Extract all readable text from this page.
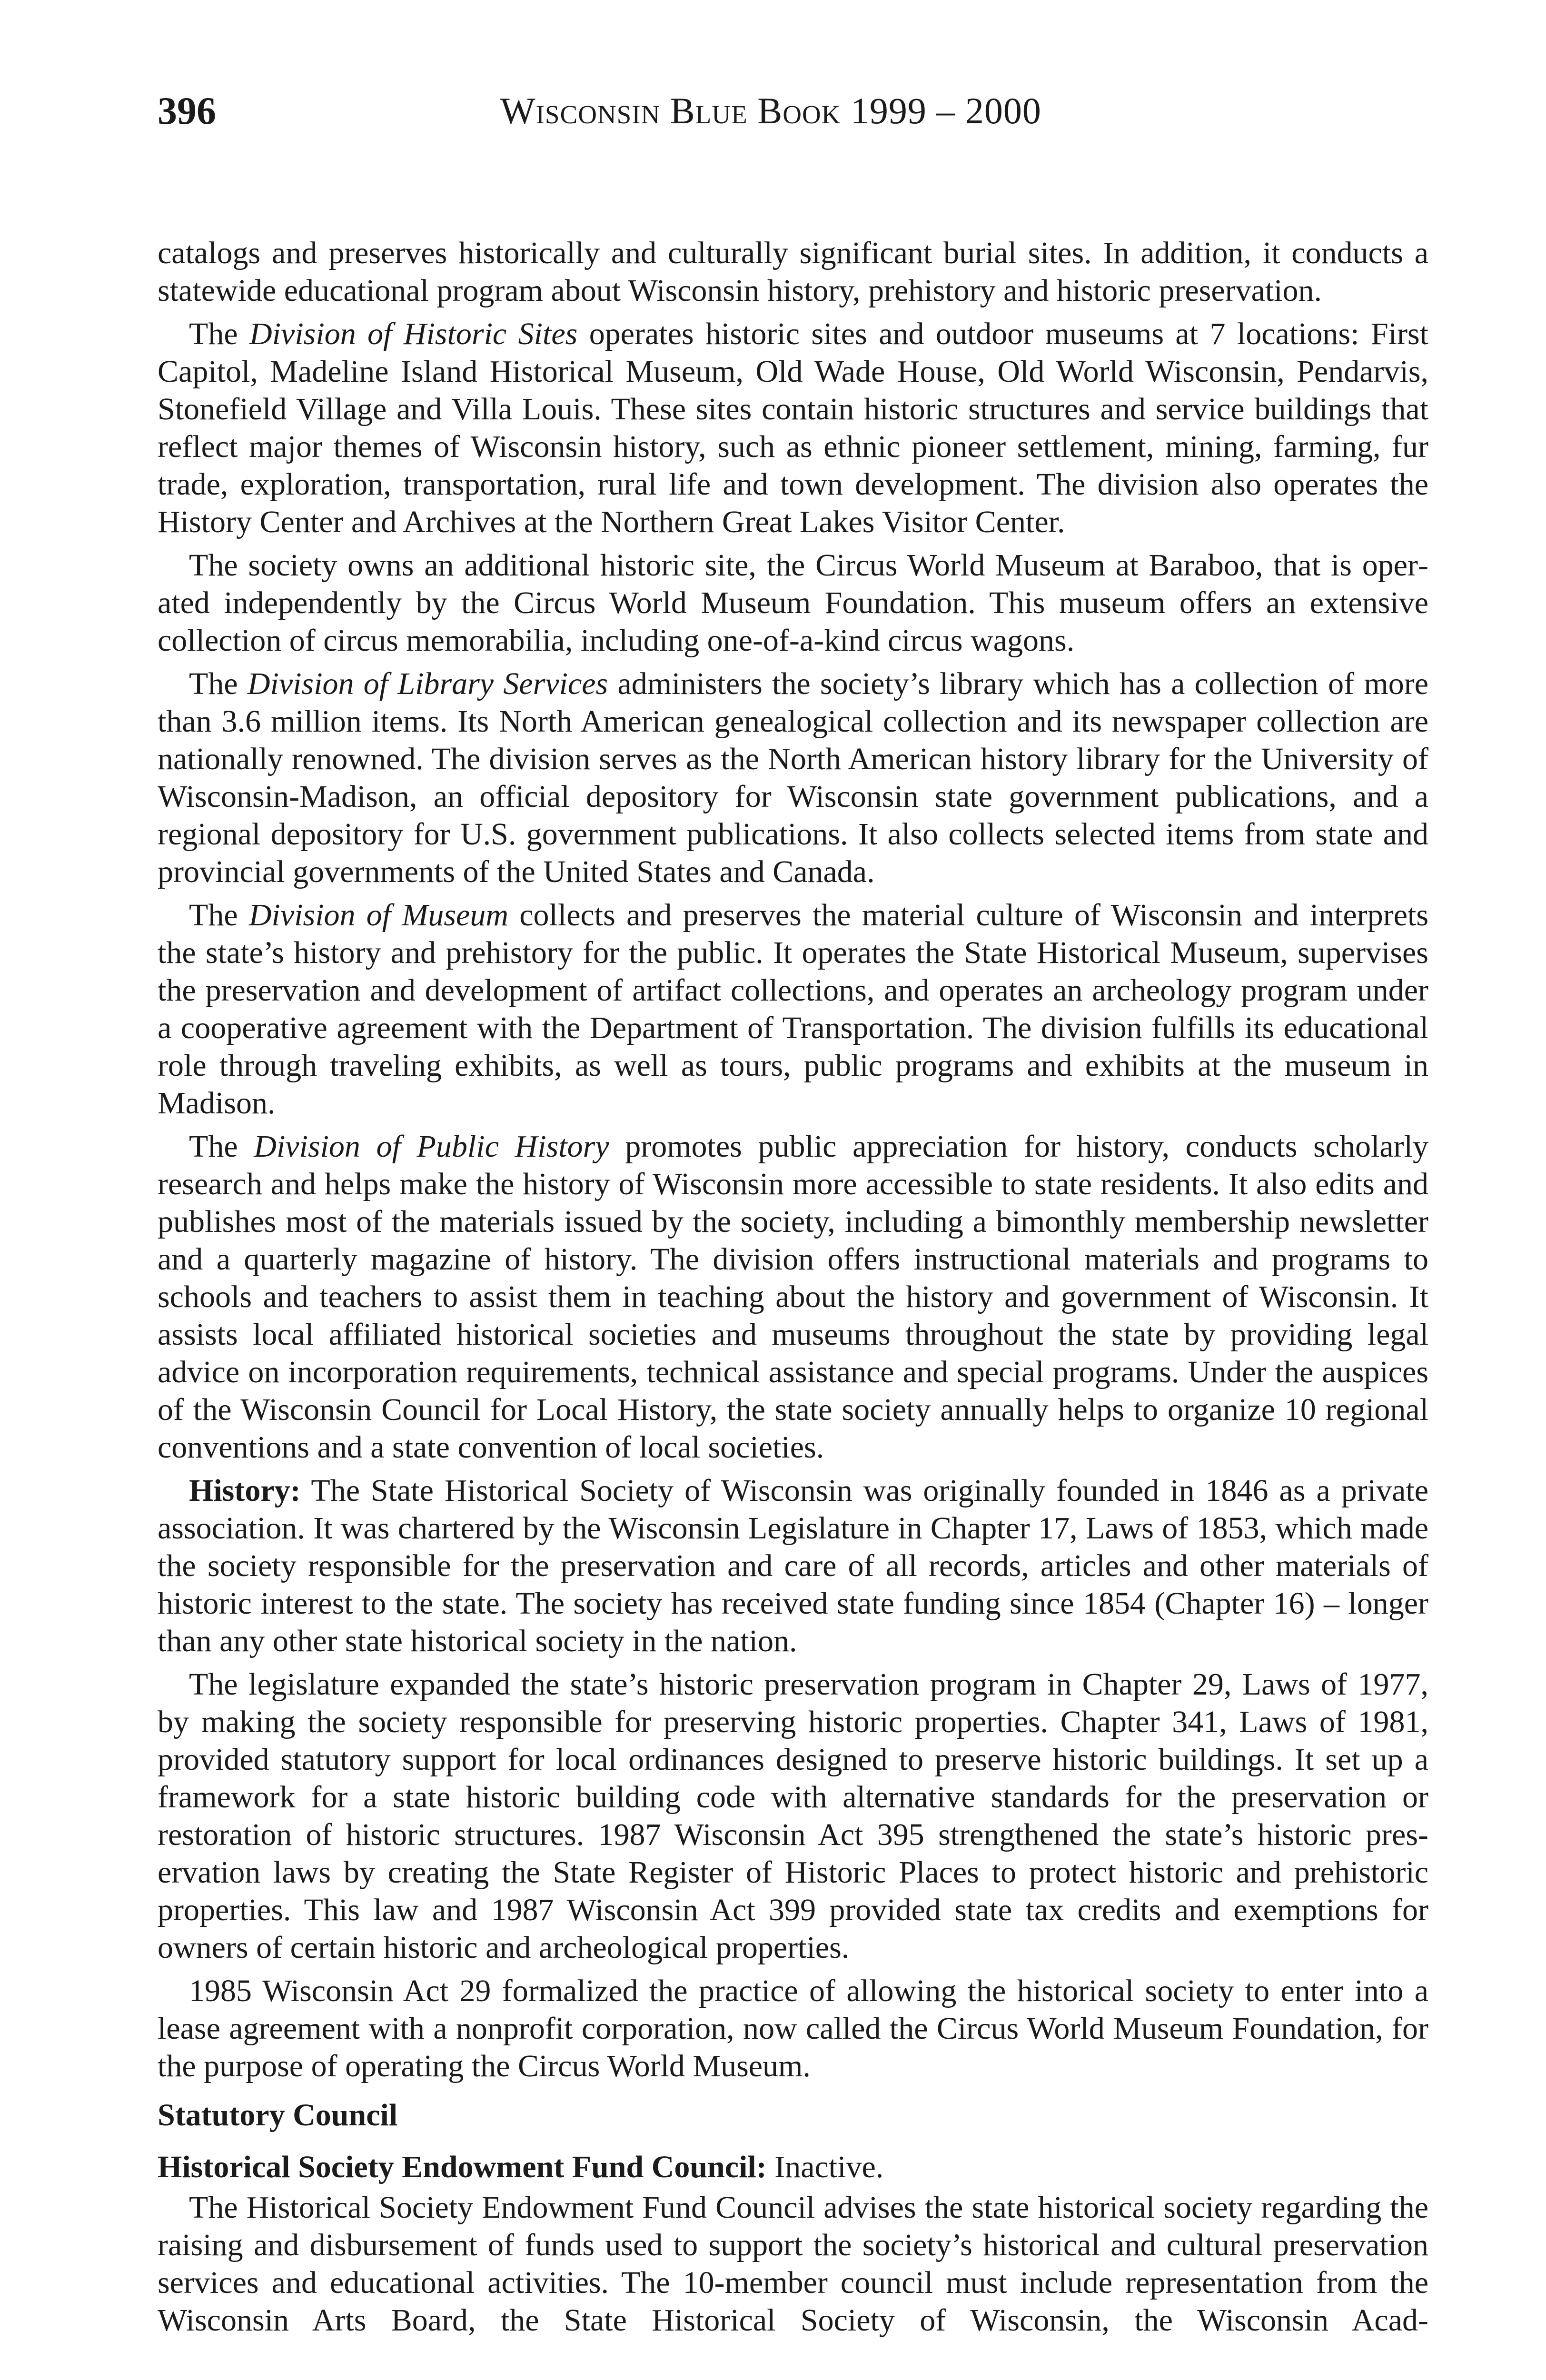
396	Wisconsin Blue Book 1999 – 2000

catalogs and preserves historically and culturally significant burial sites. In addition, it conducts a statewide educational program about Wisconsin history, prehistory and historic preservation.

The Division of Historic Sites operates historic sites and outdoor museums at 7 locations: First Capitol, Madeline Island Historical Museum, Old Wade House, Old World Wisconsin, Pendarvis, Stonefield Village and Villa Louis. These sites contain historic structures and service buildings that reflect major themes of Wisconsin history, such as ethnic pioneer settlement, mining, farming, fur trade, exploration, transportation, rural life and town development. The division also operates the History Center and Archives at the Northern Great Lakes Visitor Center.

The society owns an additional historic site, the Circus World Museum at Baraboo, that is operated independently by the Circus World Museum Foundation. This museum offers an extensive collection of circus memorabilia, including one-of-a-kind circus wagons.

The Division of Library Services administers the society’s library which has a collection of more than 3.6 million items. Its North American genealogical collection and its newspaper collection are nationally renowned. The division serves as the North American history library for the University of Wisconsin-Madison, an official depository for Wisconsin state government publications, and a regional depository for U.S. government publications. It also collects selected items from state and provincial governments of the United States and Canada.

The Division of Museum collects and preserves the material culture of Wisconsin and interprets the state’s history and prehistory for the public. It operates the State Historical Museum, supervises the preservation and development of artifact collections, and operates an archeology program under a cooperative agreement with the Department of Transportation. The division fulfills its educational role through traveling exhibits, as well as tours, public programs and exhibits at the museum in Madison.

The Division of Public History promotes public appreciation for history, conducts scholarly research and helps make the history of Wisconsin more accessible to state residents. It also edits and publishes most of the materials issued by the society, including a bimonthly membership newsletter and a quarterly magazine of history. The division offers instructional materials and programs to schools and teachers to assist them in teaching about the history and government of Wisconsin. It assists local affiliated historical societies and museums throughout the state by providing legal advice on incorporation requirements, technical assistance and special programs. Under the auspices of the Wisconsin Council for Local History, the state society annually helps to organize 10 regional conventions and a state convention of local societies.

History: The State Historical Society of Wisconsin was originally founded in 1846 as a private association. It was chartered by the Wisconsin Legislature in Chapter 17, Laws of 1853, which made the society responsible for the preservation and care of all records, articles and other materials of historic interest to the state. The society has received state funding since 1854 (Chapter 16) – longer than any other state historical society in the nation.

The legislature expanded the state’s historic preservation program in Chapter 29, Laws of 1977, by making the society responsible for preserving historic properties. Chapter 341, Laws of 1981, provided statutory support for local ordinances designed to preserve historic buildings. It set up a framework for a state historic building code with alternative standards for the preservation or restoration of historic structures. 1987 Wisconsin Act 395 strengthened the state’s historic preservation laws by creating the State Register of Historic Places to protect historic and prehistoric properties. This law and 1987 Wisconsin Act 399 provided state tax credits and exemptions for owners of certain historic and archeological properties.

1985 Wisconsin Act 29 formalized the practice of allowing the historical society to enter into a lease agreement with a nonprofit corporation, now called the Circus World Museum Foundation, for the purpose of operating the Circus World Museum.

Statutory Council

Historical Society Endowment Fund Council: Inactive.

The Historical Society Endowment Fund Council advises the state historical society regarding the raising and disbursement of funds used to support the society’s historical and cultural preservation services and educational activities. The 10-member council must include representation from the Wisconsin Arts Board, the State Historical Society of Wisconsin, the Wisconsin Acad-
